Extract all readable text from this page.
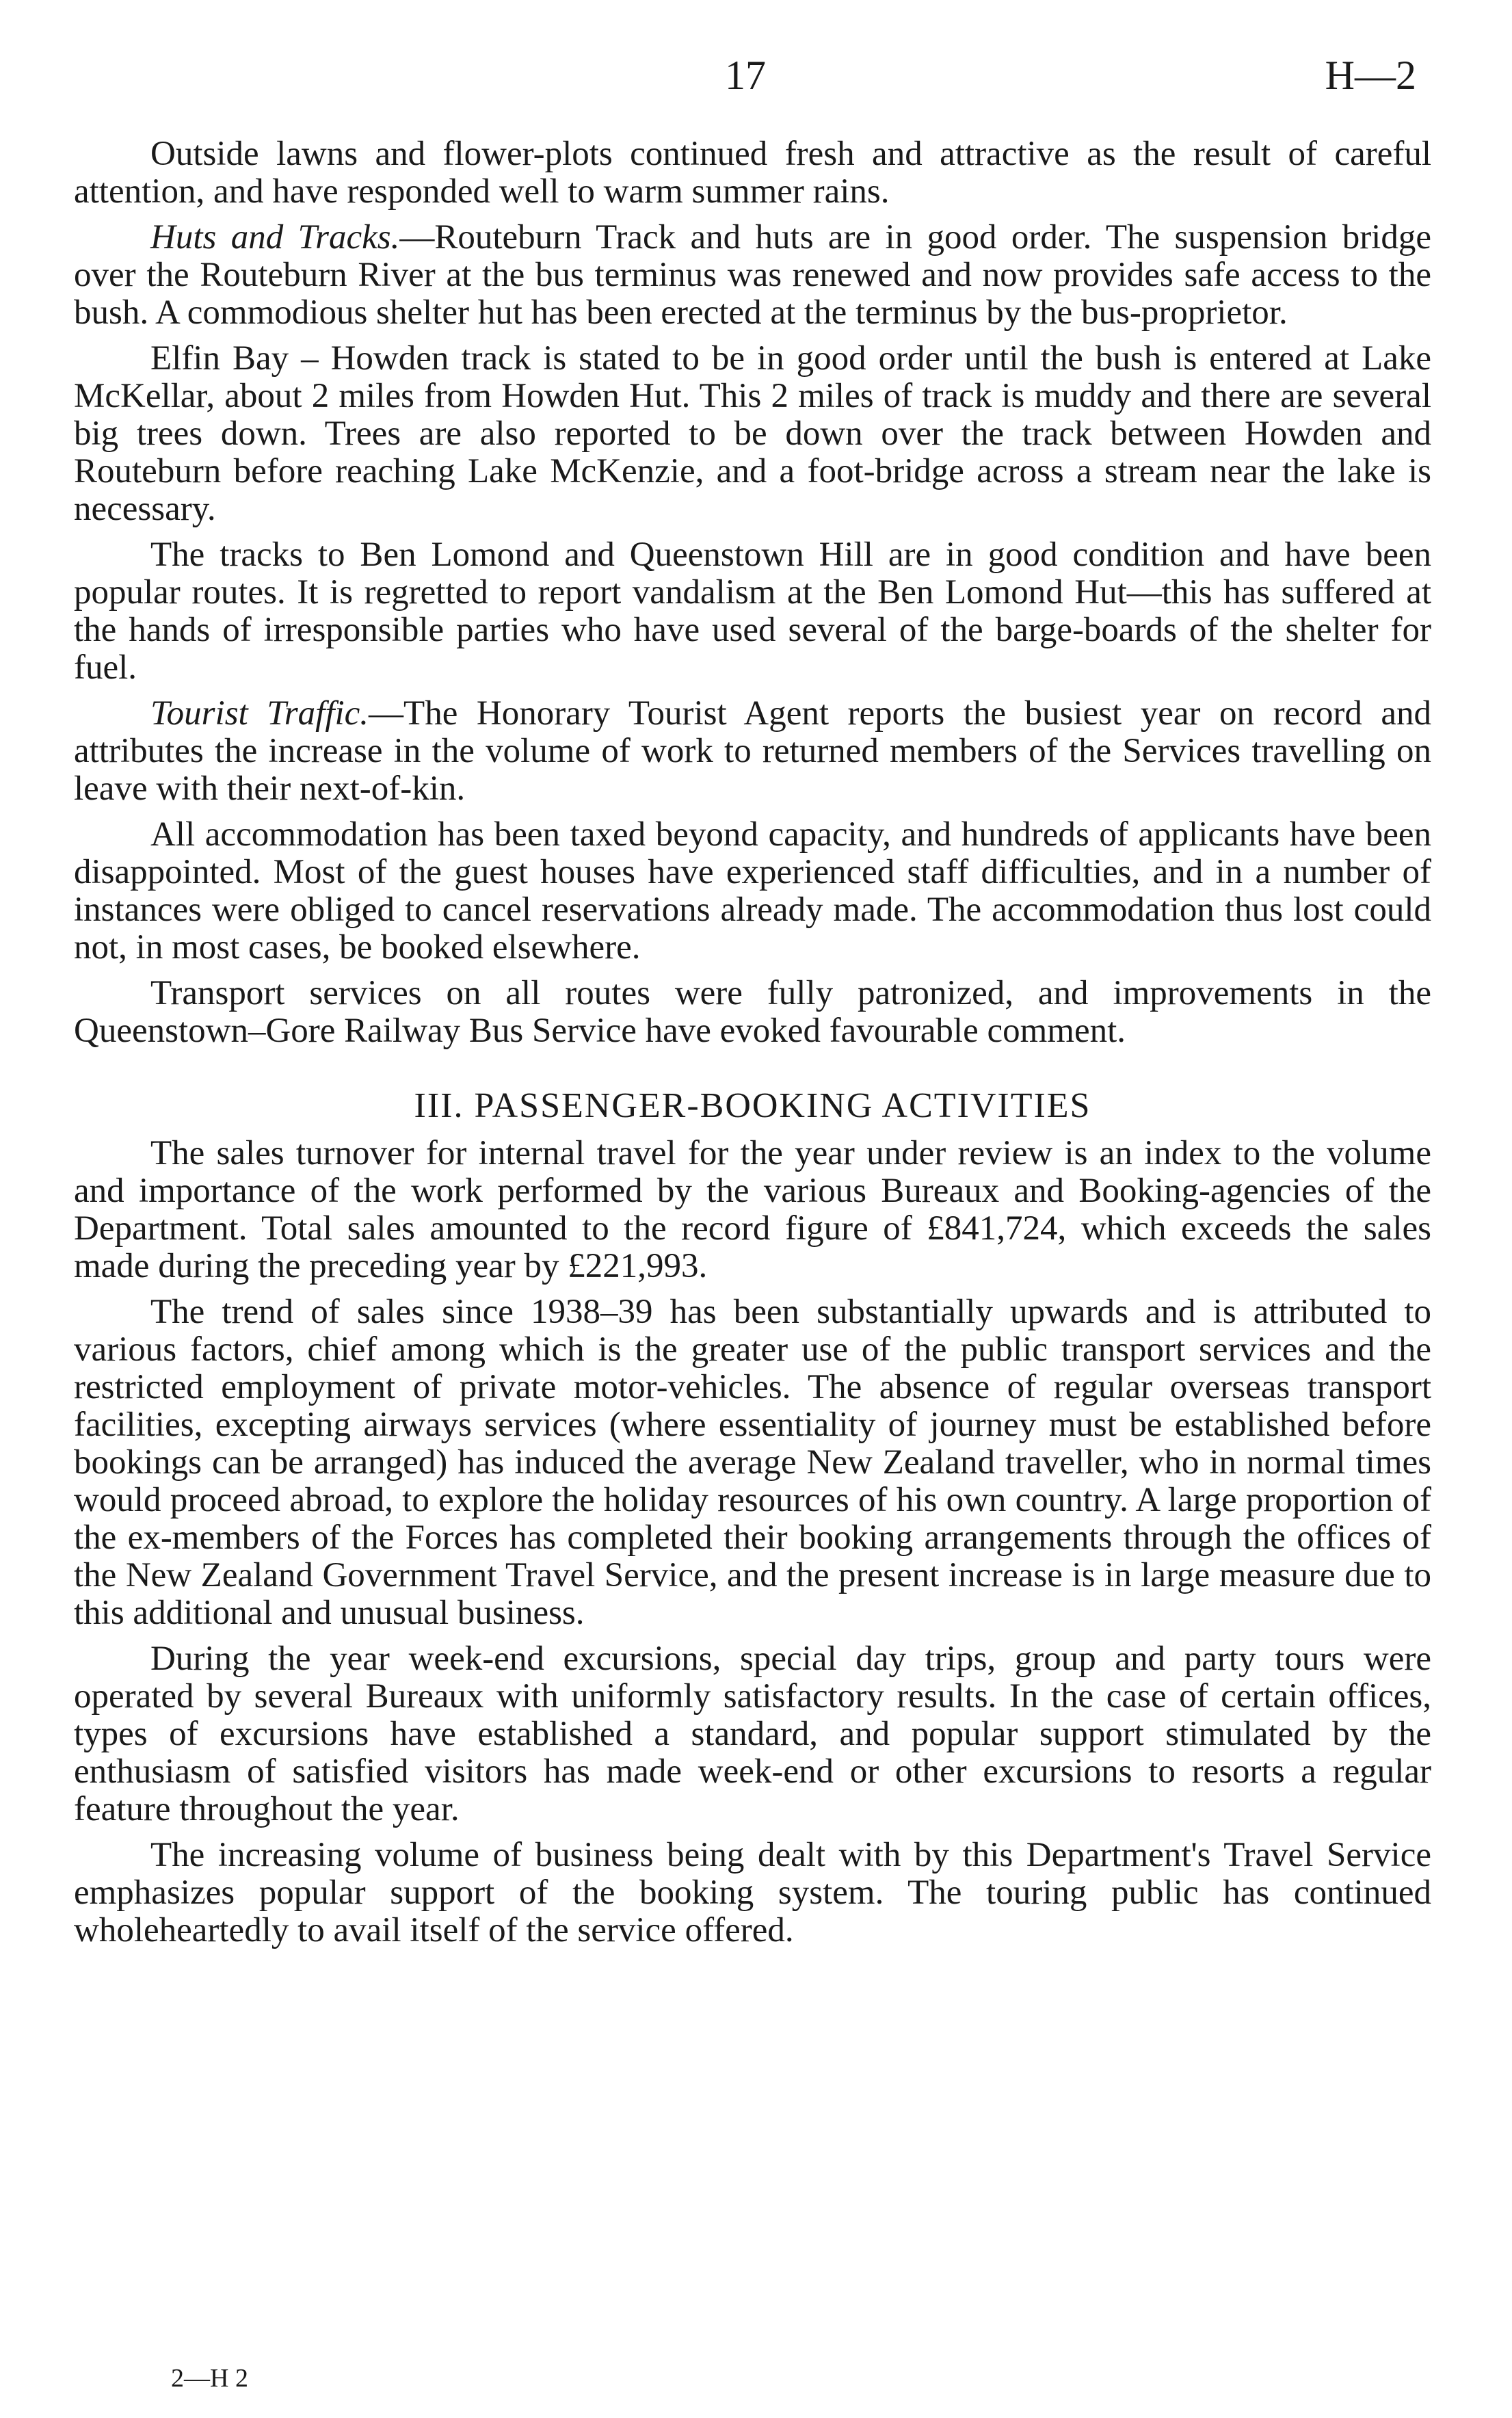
17	H—2

Outside lawns and flower-plots continued fresh and attractive as the result of careful attention, and have responded well to warm summer rains.

Huts and Tracks.—Routeburn Track and huts are in good order. The suspension bridge over the Routeburn River at the bus terminus was renewed and now provides safe access to the bush. A commodious shelter hut has been erected at the terminus by the bus-proprietor.

Elfin Bay – Howden track is stated to be in good order until the bush is entered at Lake McKellar, about 2 miles from Howden Hut. This 2 miles of track is muddy and there are several big trees down. Trees are also reported to be down over the track between Howden and Routeburn before reaching Lake McKenzie, and a foot-bridge across a stream near the lake is necessary.

The tracks to Ben Lomond and Queenstown Hill are in good condition and have been popular routes. It is regretted to report vandalism at the Ben Lomond Hut—this has suffered at the hands of irresponsible parties who have used several of the barge-boards of the shelter for fuel.

Tourist Traffic.—The Honorary Tourist Agent reports the busiest year on record and attributes the increase in the volume of work to returned members of the Services travelling on leave with their next-of-kin.

All accommodation has been taxed beyond capacity, and hundreds of applicants have been disappointed. Most of the guest houses have experienced staff difficulties, and in a number of instances were obliged to cancel reservations already made. The accommodation thus lost could not, in most cases, be booked elsewhere.

Transport services on all routes were fully patronized, and improvements in the Queenstown–Gore Railway Bus Service have evoked favourable comment.

III. PASSENGER-BOOKING ACTIVITIES

The sales turnover for internal travel for the year under review is an index to the volume and importance of the work performed by the various Bureaux and Booking-agencies of the Department. Total sales amounted to the record figure of £841,724, which exceeds the sales made during the preceding year by £221,993.

The trend of sales since 1938–39 has been substantially upwards and is attributed to various factors, chief among which is the greater use of the public transport services and the restricted employment of private motor-vehicles. The absence of regular overseas transport facilities, excepting airways services (where essentiality of journey must be established before bookings can be arranged) has induced the average New Zealand traveller, who in normal times would proceed abroad, to explore the holiday resources of his own country. A large proportion of the ex-members of the Forces has completed their booking arrangements through the offices of the New Zealand Government Travel Service, and the present increase is in large measure due to this additional and unusual business.

During the year week-end excursions, special day trips, group and party tours were operated by several Bureaux with uniformly satisfactory results. In the case of certain offices, types of excursions have established a standard, and popular support stimulated by the enthusiasm of satisfied visitors has made week-end or other excursions to resorts a regular feature throughout the year.

The increasing volume of business being dealt with by this Department's Travel Service emphasizes popular support of the booking system. The touring public has continued wholeheartedly to avail itself of the service offered.

2—H 2
